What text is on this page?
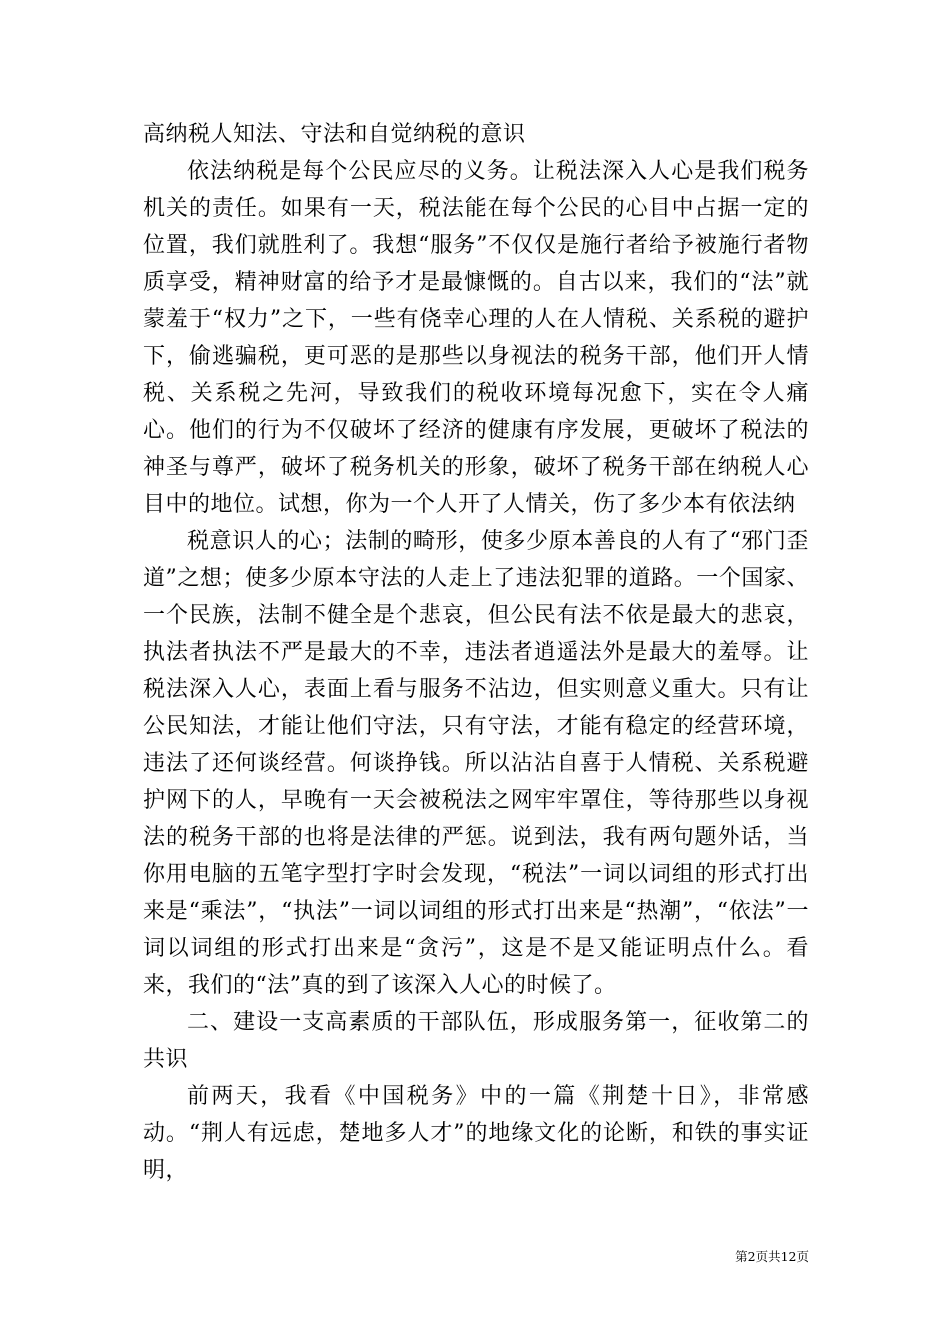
高纳税人知法、守法和自觉纳税的意识

依法纳税是每个公民应尽的义务。让税法深入人心是我们税务机关的责任。如果有一天，税法能在每个公民的心目中占据一定的位置，我们就胜利了。我想“服务”不仅仅是施行者给予被施行者物质享受，精神财富的给予才是最慷慨的。自古以来，我们的“法”就蒙羞于“权力”之下，一些有侥幸心理的人在人情税、关系税的避护下，偷逃骗税，更可恶的是那些以身视法的税务干部，他们开人情税、关系税之先河，导致我们的税收环境每况愈下，实在令人痛心。他们的行为不仅破坏了经济的健康有序发展，更破坏了税法的神圣与尊严，破坏了税务机关的形象，破坏了税务干部在纳税人心目中的地位。试想，你为一个人开了人情关，伤了多少本有依法纳

税意识人的心；法制的畸形，使多少原本善良的人有了“邪门歪道”之想；使多少原本守法的人走上了违法犯罪的道路。一个国家、一个民族，法制不健全是个悲哀，但公民有法不依是最大的悲哀，执法者执法不严是最大的不幸，违法者逍遥法外是最大的羞辱。让税法深入人心，表面上看与服务不沾边，但实则意义重大。只有让公民知法，才能让他们守法，只有守法，才能有稳定的经营环境，违法了还何谈经营。何谈挣钱。所以沾沾自喜于人情税、关系税避护网下的人，早晚有一天会被税法之网牢牢罩住，等待那些以身视法的税务干部的也将是法律的严惩。说到法，我有两句题外话，当你用电脑的五笔字型打字时会发现，“税法”一词以词组的形式打出来是“乘法”，“执法”一词以词组的形式打出来是“热潮”，“依法”一词以词组的形式打出来是“贪污”，这是不是又能证明点什么。看来，我们的“法”真的到了该深入人心的时候了。

二、建设一支高素质的干部队伍，形成服务第一，征收第二的共识

前两天，我看《中国税务》中的一篇《荆楚十日》，非常感动。“荆人有远虑，楚地多人才”的地缘文化的论断，和铁的事实证明，

第2页共12页
